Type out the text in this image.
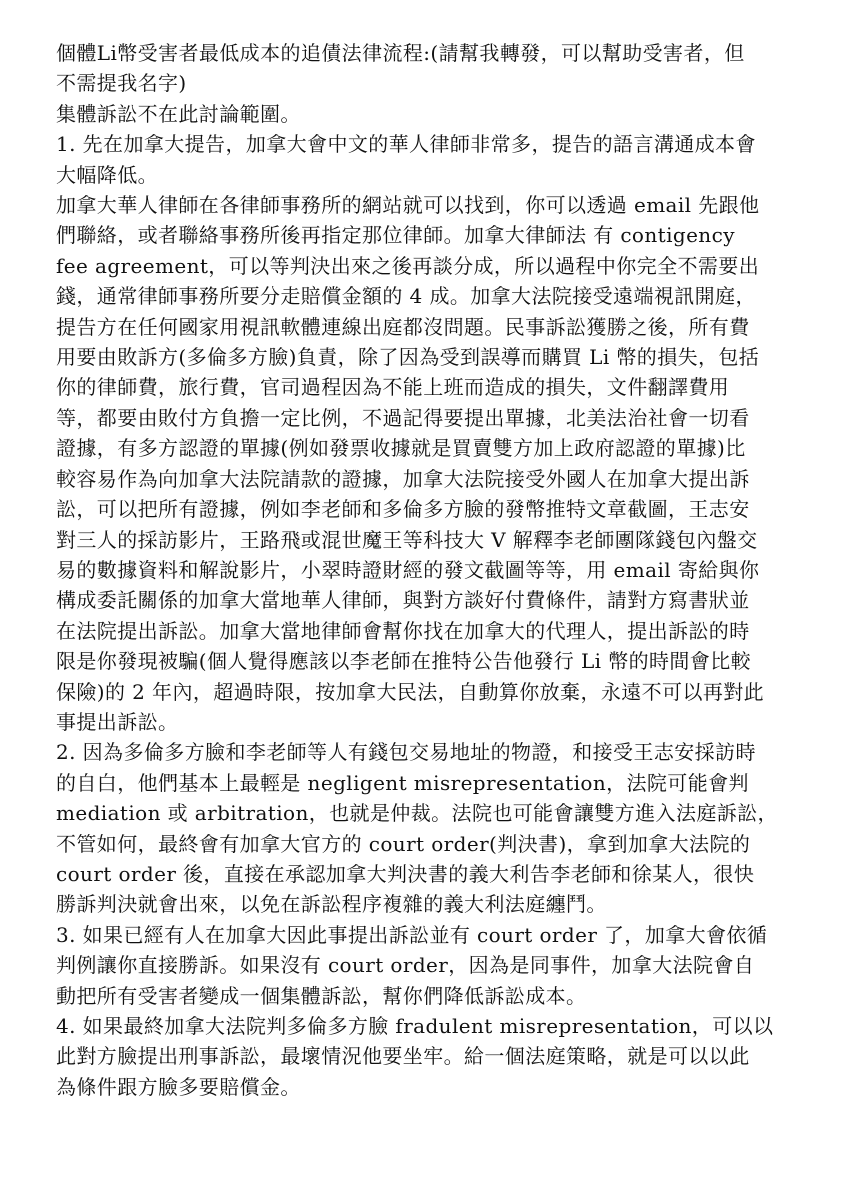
個體Li幣受害者最低成本的追債法律流程:(請幫我轉發，可以幫助受害者，但
不需提我名字)
集體訴訟不在此討論範圍。
1. 先在加拿大提告，加拿大會中文的華人律師非常多，提告的語言溝通成本會
大幅降低。
加拿大華人律師在各律師事務所的網站就可以找到，你可以透過 email 先跟他
們聯絡，或者聯絡事務所後再指定那位律師。加拿大律師法 有 contigency
fee agreement，可以等判決出來之後再談分成，所以過程中你完全不需要出
錢，通常律師事務所要分走賠償金額的 4 成。加拿大法院接受遠端視訊開庭，
提告方在任何國家用視訊軟體連線出庭都沒問題。民事訴訟獲勝之後，所有費
用要由敗訴方(多倫多方臉)負責，除了因為受到誤導而購買 Li 幣的損失，包括
你的律師費，旅行費，官司過程因為不能上班而造成的損失，文件翻譯費用
等，都要由敗付方負擔一定比例，不過記得要提出單據，北美法治社會一切看
證據，有多方認證的單據(例如發票收據就是買賣雙方加上政府認證的單據)比
較容易作為向加拿大法院請款的證據，加拿大法院接受外國人在加拿大提出訴
訟，可以把所有證據，例如李老師和多倫多方臉的發幣推特文章截圖，王志安
對三人的採訪影片，王路飛或混世魔王等科技大 V 解釋李老師團隊錢包內盤交
易的數據資料和解說影片，小翠時證財經的發文截圖等等，用 email 寄給與你
構成委託關係的加拿大當地華人律師，與對方談好付費條件，請對方寫書狀並
在法院提出訴訟。加拿大當地律師會幫你找在加拿大的代理人，提出訴訟的時
限是你發現被騙(個人覺得應該以李老師在推特公告他發行 Li 幣的時間會比較
保險)的 2 年內，超過時限，按加拿大民法，自動算你放棄，永遠不可以再對此
事提出訴訟。
2. 因為多倫多方臉和李老師等人有錢包交易地址的物證，和接受王志安採訪時
的自白，他們基本上最輕是 negligent misrepresentation，法院可能會判
mediation 或 arbitration，也就是仲裁。法院也可能會讓雙方進入法庭訴訟，
不管如何，最終會有加拿大官方的 court order(判決書)，拿到加拿大法院的
court order 後，直接在承認加拿大判決書的義大利告李老師和徐某人，很快
勝訴判決就會出來，以免在訴訟程序複雜的義大利法庭纏鬥。
3. 如果已經有人在加拿大因此事提出訴訟並有 court order 了，加拿大會依循
判例讓你直接勝訴。如果沒有 court order，因為是同事件，加拿大法院會自
動把所有受害者變成一個集體訴訟，幫你們降低訴訟成本。
4. 如果最終加拿大法院判多倫多方臉 fradulent misrepresentation，可以以
此對方臉提出刑事訴訟，最壞情況他要坐牢。給一個法庭策略，就是可以以此
為條件跟方臉多要賠償金。
